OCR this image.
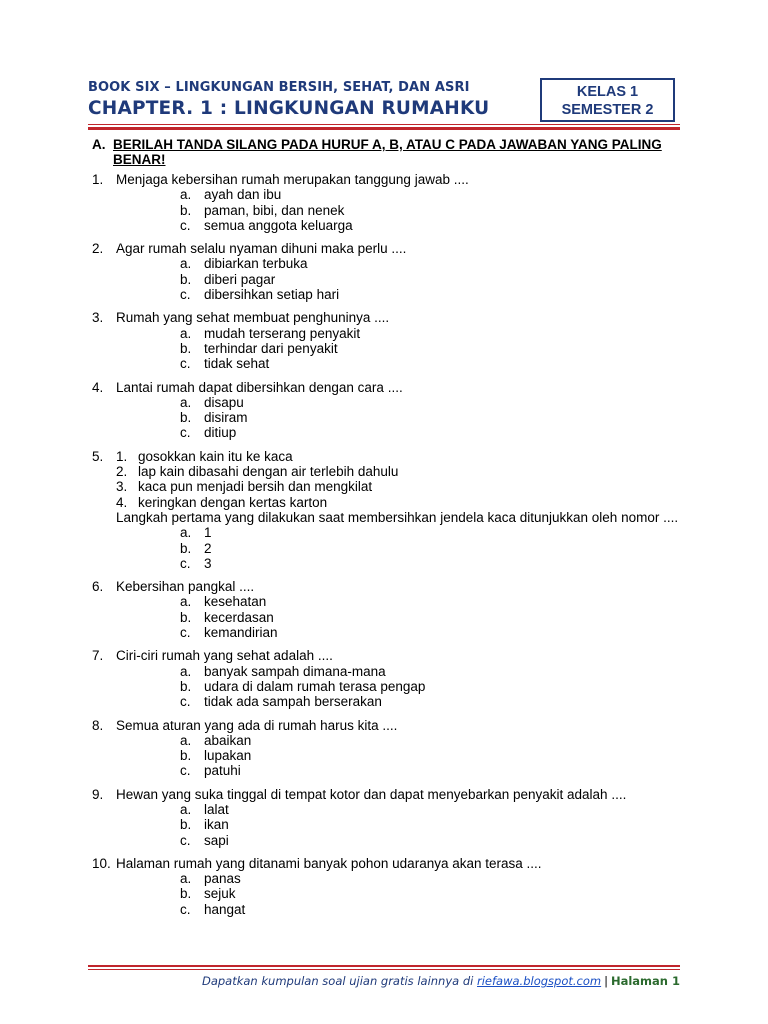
BOOK SIX – LINGKUNGAN BERSIH, SEHAT, DAN ASRI
CHAPTER. 1 : LINGKUNGAN RUMAHKU
KELAS 1
SEMESTER 2

A. BERILAH TANDA SILANG PADA HURUF A, B, ATAU C PADA JAWABAN YANG PALING BENAR!

1. Menjaga kebersihan rumah merupakan tanggung jawab ....
a. ayah dan ibu
b. paman, bibi, dan nenek
c. semua anggota keluarga
2. Agar rumah selalu nyaman dihuni maka perlu ....
a. dibiarkan terbuka
b. diberi pagar
c. dibersihkan setiap hari
3. Rumah yang sehat membuat penghuninya ....
a. mudah terserang penyakit
b. terhindar dari penyakit
c. tidak sehat
4. Lantai rumah dapat dibersihkan dengan cara ....
a. disapu
b. disiram
c. ditiup
5. 1. gosokkan kain itu ke kaca
2. lap kain dibasahi dengan air terlebih dahulu
3. kaca pun menjadi bersih dan mengkilat
4. keringkan dengan kertas karton
Langkah pertama yang dilakukan saat membersihkan jendela kaca ditunjukkan oleh nomor ....
a. 1
b. 2
c. 3
6. Kebersihan pangkal ....
a. kesehatan
b. kecerdasan
c. kemandirian
7. Ciri-ciri rumah yang sehat adalah ....
a. banyak sampah dimana-mana
b. udara di dalam rumah terasa pengap
c. tidak ada sampah berserakan
8. Semua aturan yang ada di rumah harus kita ....
a. abaikan
b. lupakan
c. patuhi
9. Hewan yang suka tinggal di tempat kotor dan dapat menyebarkan penyakit adalah ....
a. lalat
b. ikan
c. sapi
10. Halaman rumah yang ditanami banyak pohon udaranya akan terasa ....
a. panas
b. sejuk
c. hangat
Dapatkan kumpulan soal ujian gratis lainnya di riefawa.blogspot.com | Halaman 1
